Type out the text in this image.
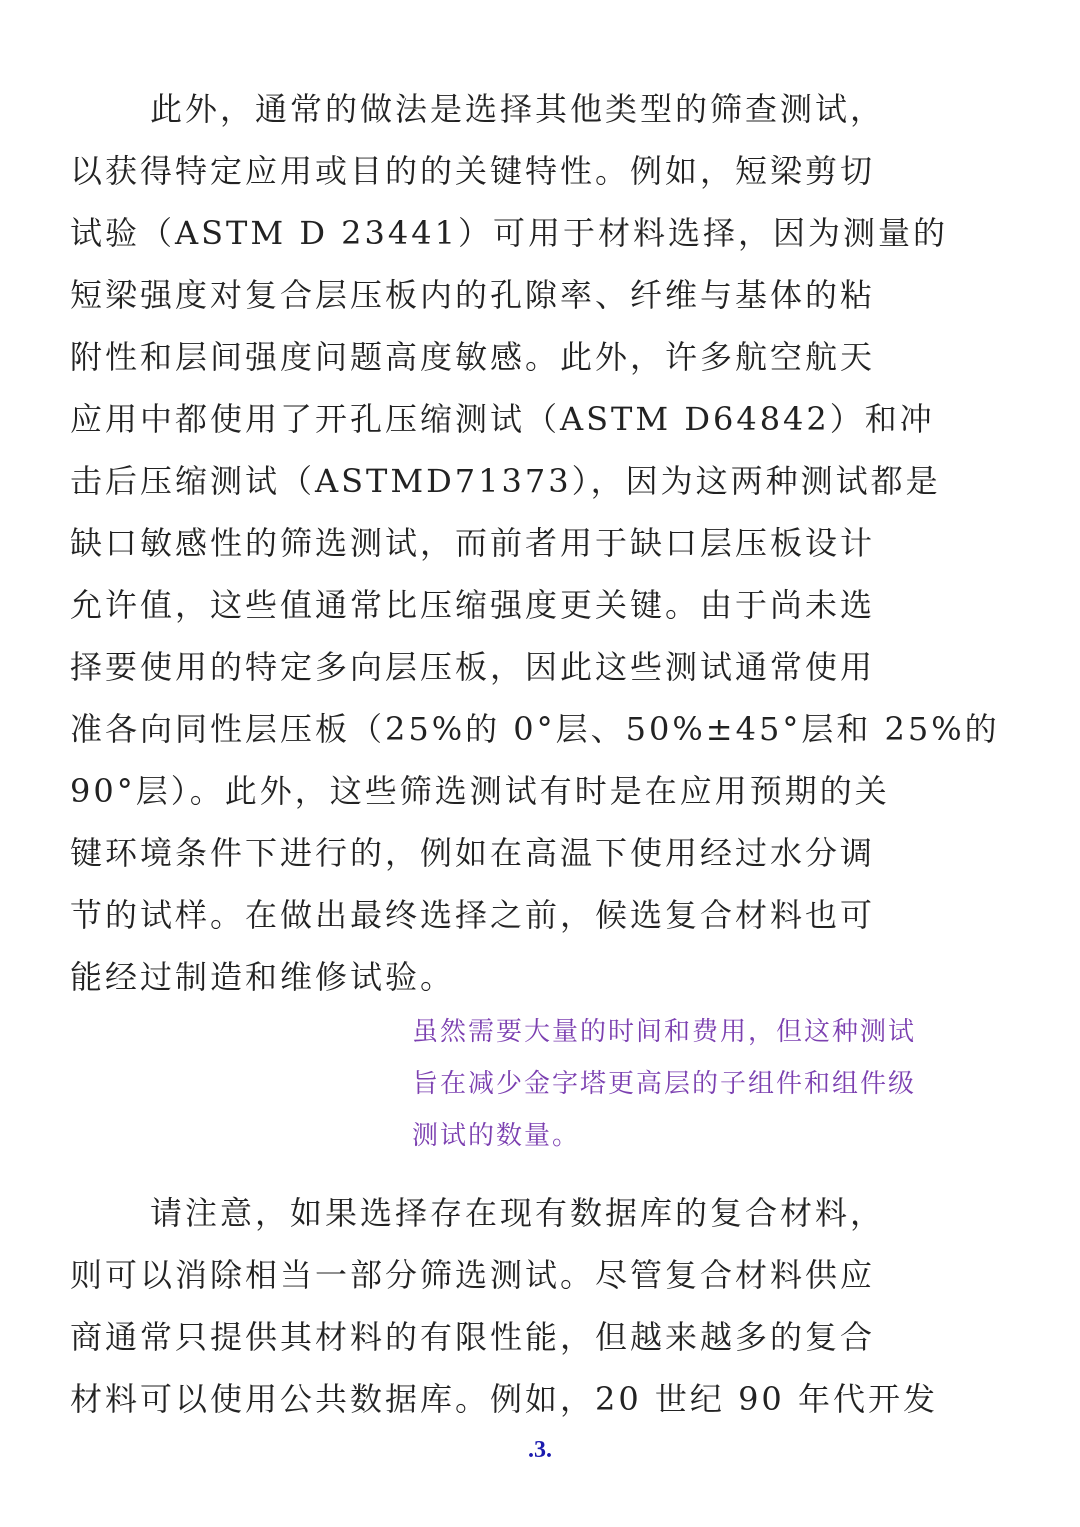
此外，通常的做法是选择其他类型的筛查测试，
以获得特定应用或目的的关键特性。例如，短梁剪切
试验（ASTM D 23441）可用于材料选择，因为测量的
短梁强度对复合层压板内的孔隙率、纤维与基体的粘
附性和层间强度问题高度敏感。此外，许多航空航天
应用中都使用了开孔压缩测试（ASTM D64842）和冲
击后压缩测试（ASTMD71373），因为这两种测试都是
缺口敏感性的筛选测试，而前者用于缺口层压板设计
允许值，这些值通常比压缩强度更关键。由于尚未选
择要使用的特定多向层压板，因此这些测试通常使用
准各向同性层压板（25%的 0°层、50%±45°层和 25%的
90°层）。此外，这些筛选测试有时是在应用预期的关
键环境条件下进行的，例如在高温下使用经过水分调
节的试样。在做出最终选择之前，候选复合材料也可
能经过制造和维修试验。
虽然需要大量的时间和费用，但这种测试
旨在减少金字塔更高层的子组件和组件级
测试的数量。
请注意，如果选择存在现有数据库的复合材料，
则可以消除相当一部分筛选测试。尽管复合材料供应
商通常只提供其材料的有限性能，但越来越多的复合
材料可以使用公共数据库。例如，20 世纪 90 年代开发
.3.
